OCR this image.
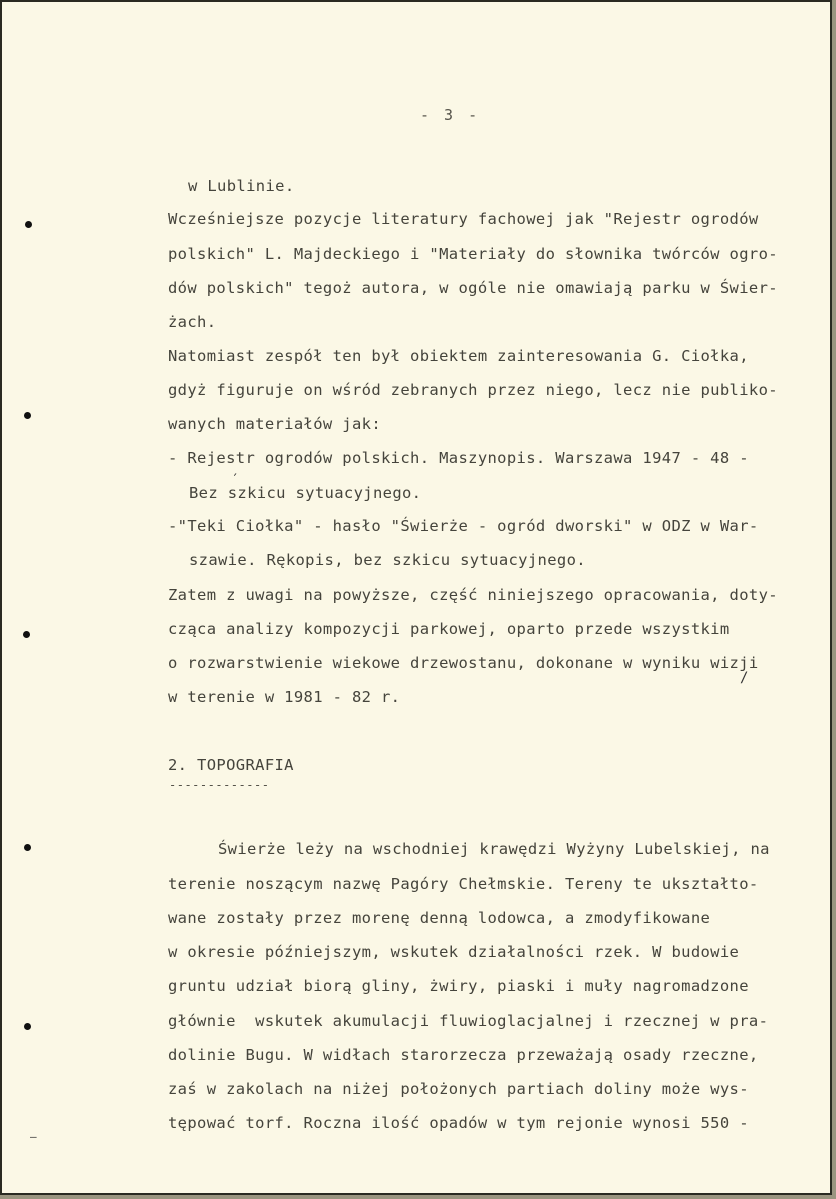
- 3 -
w Lublinie.
Wcześniejsze pozycje literatury fachowej jak "Rejestr ogrodów
polskich" L. Majdeckiego i "Materiały do słownika twórców ogro-
dów polskich" tegoż autora, w ogóle nie omawiają parku w Świer-
żach.
Natomiast zespół ten był obiektem zainteresowania G. Ciołka,
gdyż figuruje on wśród zebranych przez niego, lecz nie publiko-
wanych materiałów jak:
- Rejestr ogrodów polskich. Maszynopis. Warszawa 1947 - 48 -
Bez szkicu sytuacyjnego.
-"Teki Ciołka" - hasło "Świerże - ogród dworski" w ODZ w War-
szawie. Rękopis, bez szkicu sytuacyjnego.
Zatem z uwagi na powyższe, część niniejszego opracowania, doty-
cząca analizy kompozycji parkowej, oparto przede wszystkim
o rozwarstwienie wiekowe drzewostanu, dokonane w wyniku wizji
w terenie w 1981 - 82 r.
2. TOPOGRAFIA
-------------
Świerże leży na wschodniej krawędzi Wyżyny Lubelskiej, na
terenie noszącym nazwę Pagóry Chełmskie. Tereny te ukształto-
wane zostały przez morenę denną lodowca, a zmodyfikowane
w okresie późniejszym, wskutek działalności rzek. W budowie
gruntu udział biorą gliny, żwiry, piaski i muły nagromadzone
głównie  wskutek akumulacji fluwioglacjalnej i rzecznej w pra-
dolinie Bugu. W widłach starorzecza przeważają osady rzeczne,
zaś w zakolach na niżej położonych partiach doliny może wys-
tępować torf. Roczna ilość opadów w tym rejonie wynosi 550 -
′
/
—
